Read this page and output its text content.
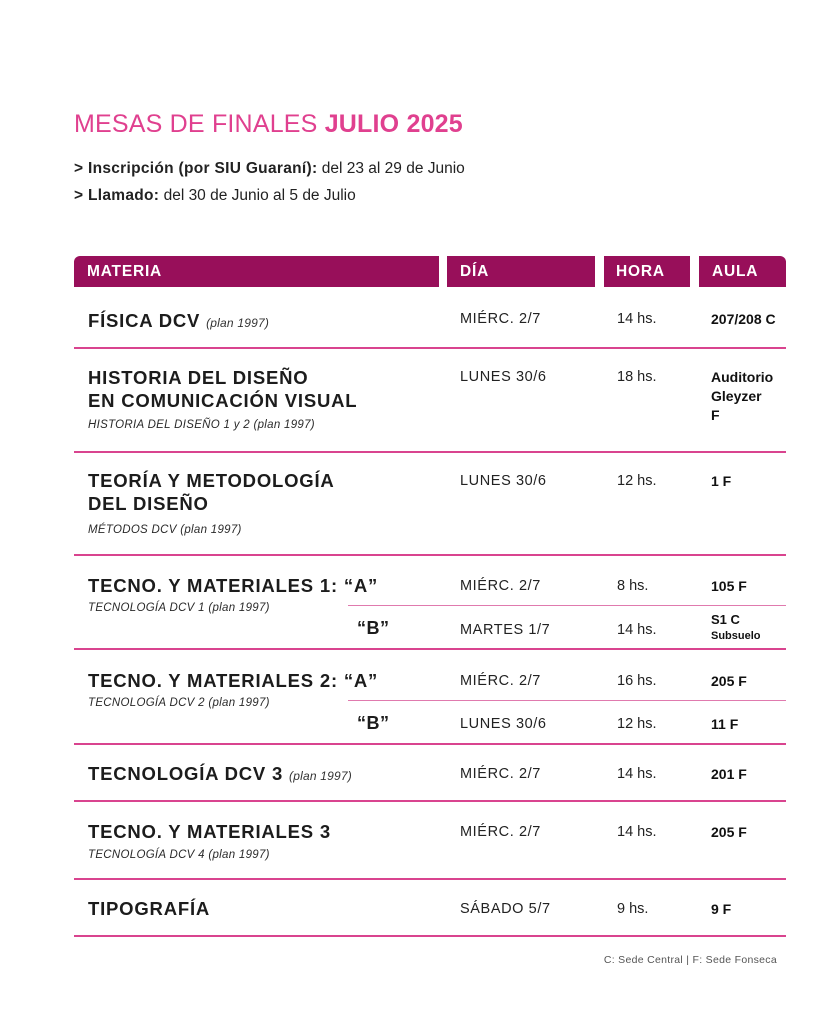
MESAS DE FINALES JULIO 2025
> Inscripción (por SIU Guaraní): del 23 al 29 de Junio
> Llamado: del 30 de Junio al 5 de Julio
MATERIA	DÍA	HORA	AULA
FÍSICA DCV (plan 1997)	MIÉRC. 2/7	14 hs.	207/208 C
HISTORIA DEL DISEÑO
EN COMUNICACIÓN VISUAL
HISTORIA DEL DISEÑO 1 y 2 (plan 1997)
LUNES 30/6	18 hs.	Auditorio
Gleyzer
F
TEORÍA Y METODOLOGÍA
DEL DISEÑO
MÉTODOS DCV (plan 1997)
LUNES 30/6	12 hs.	1 F
TECNO. Y MATERIALES 1: “A”
TECNOLOGÍA DCV 1 (plan 1997)
MIÉRC. 2/7	8 hs.	105 F
“B”	MARTES 1/7	14 hs.
S1 C
Subsuelo
TECNO. Y MATERIALES 2: “A”
TECNOLOGÍA DCV 2 (plan 1997)
MIÉRC. 2/7	16 hs.	205 F
“B”	LUNES 30/6	12 hs.	11 F
TECNOLOGÍA DCV 3 (plan 1997)	MIÉRC. 2/7	14 hs.	201 F
TECNO. Y MATERIALES 3
TECNOLOGÍA DCV 4 (plan 1997)
MIÉRC. 2/7	14 hs.	205 F
TIPOGRAFÍA	SÁBADO 5/7	9 hs.	9 F
C: Sede Central | F: Sede Fonseca
